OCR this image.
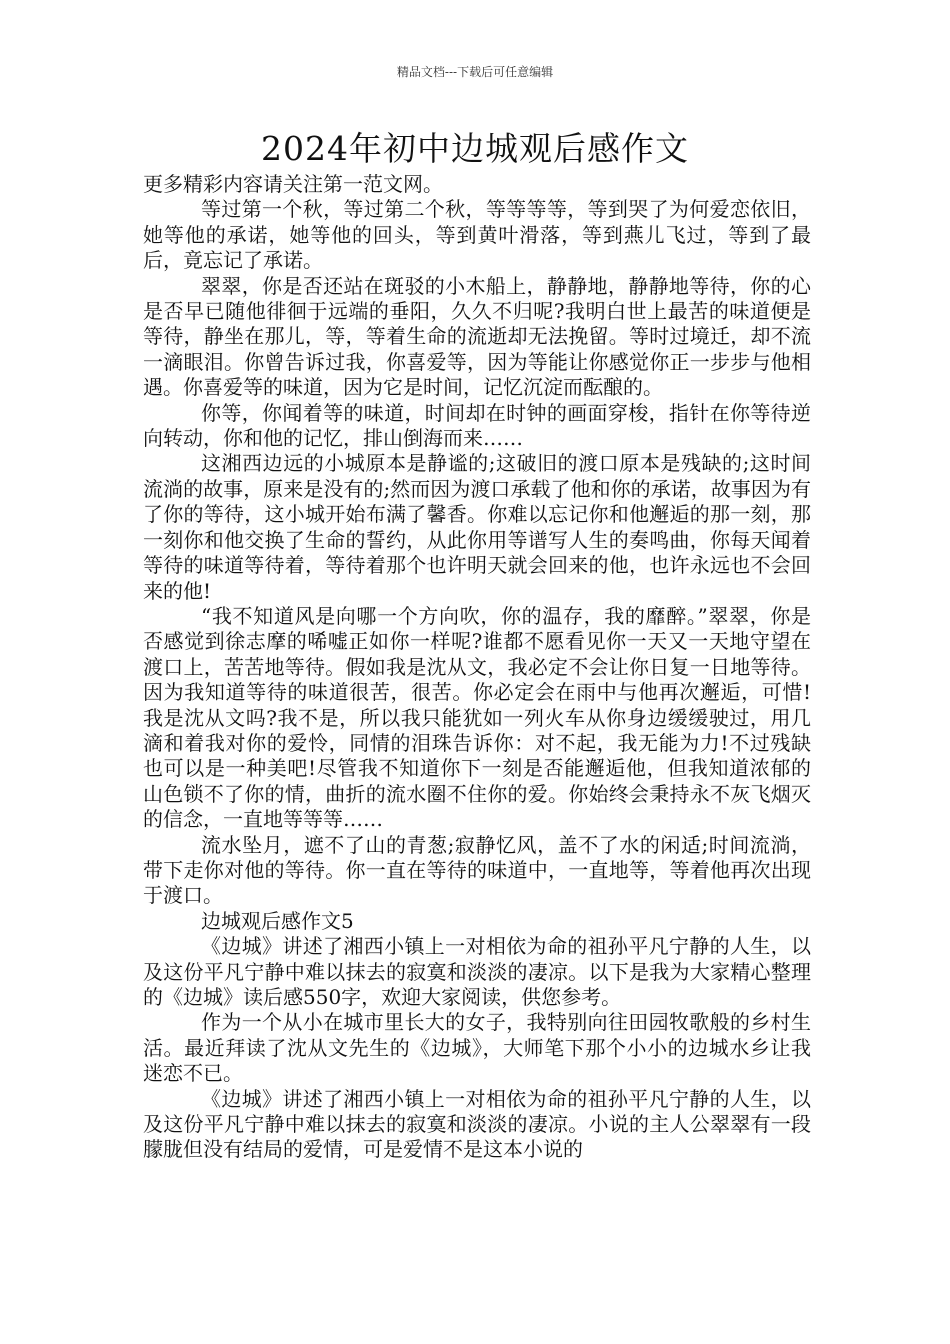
精品文档---下载后可任意编辑
2024年初中边城观后感作文

更多精彩内容请关注第一范文网。

等过第一个秋，等过第二个秋，等等等等，等到哭了为何爱恋依旧，她等他的承诺，她等他的回头，等到黄叶滑落，等到燕儿飞过，等到了最后，竟忘记了承诺。

翠翠，你是否还站在斑驳的小木船上，静静地，静静地等待，你的心是否早已随他徘徊于远端的垂阳，久久不归呢?我明白世上最苦的味道便是等待，静坐在那儿，等，等着生命的流逝却无法挽留。等时过境迁，却不流一滴眼泪。你曾告诉过我，你喜爱等，因为等能让你感觉你正一步步与他相遇。你喜爱等的味道，因为它是时间，记忆沉淀而酝酿的。

你等，你闻着等的味道，时间却在时钟的画面穿梭，指针在你等待逆向转动，你和他的记忆，排山倒海而来……

这湘西边远的小城原本是静谧的;这破旧的渡口原本是残缺的;这时间流淌的故事，原来是没有的;然而因为渡口承载了他和你的承诺，故事因为有了你的等待，这小城开始布满了馨香。你难以忘记你和他邂逅的那一刻，那一刻你和他交换了生命的誓约，从此你用等谱写人生的奏鸣曲，你每天闻着等待的味道等待着，等待着那个也许明天就会回来的他，也许永远也不会回来的他!

“我不知道风是向哪一个方向吹，你的温存，我的靡醉。”翠翠，你是否感觉到徐志摩的唏嘘正如你一样呢?谁都不愿看见你一天又一天地守望在渡口上，苦苦地等待。假如我是沈从文，我必定不会让你日复一日地等待。因为我知道等待的味道很苦，很苦。你必定会在雨中与他再次邂逅，可惜!我是沈从文吗?我不是，所以我只能犹如一列火车从你身边缓缓驶过，用几滴和着我对你的爱怜，同情的泪珠告诉你：对不起，我无能为力!不过残缺也可以是一种美吧!尽管我不知道你下一刻是否能邂逅他，但我知道浓郁的山色锁不了你的情，曲折的流水圈不住你的爱。你始终会秉持永不灰飞烟灭的信念，一直地等等等……

流水坠月，遮不了山的青葱;寂静忆风，盖不了水的闲适;时间流淌，带下走你对他的等待。你一直在等待的味道中，一直地等，等着他再次出现于渡口。

边城观后感作文5

《边城》讲述了湘西小镇上一对相依为命的祖孙平凡宁静的人生，以及这份平凡宁静中难以抹去的寂寞和淡淡的凄凉。以下是我为大家精心整理的《边城》读后感550字，欢迎大家阅读，供您参考。

作为一个从小在城市里长大的女子，我特别向往田园牧歌般的乡村生活。最近拜读了沈从文先生的《边城》，大师笔下那个小小的边城水乡让我迷恋不已。

《边城》讲述了湘西小镇上一对相依为命的祖孙平凡宁静的人生，以及这份平凡宁静中难以抹去的寂寞和淡淡的凄凉。小说的主人公翠翠有一段朦胧但没有结局的爱情，可是爱情不是这本小说的
